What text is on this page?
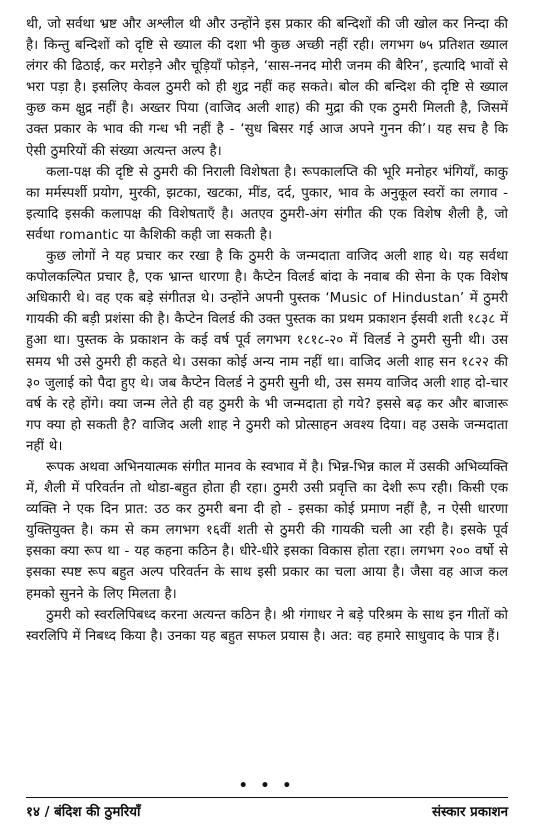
थी, जो सर्वथा भ्रष्ट और अश्लील थी और उन्होंने इस प्रकार की बन्दिशों की जी खोल कर निन्दा की है। किन्तु बन्दिशों को दृष्टि से ख्याल की दशा भी कुछ अच्छी नहीं रही। लगभग ७५ प्रतिशत ख्याल लंगर की ढिठाई, कर मरोड़ने और चूड़ियाँ फोड़ने, ‘सास-ननद मोरी जनम की बैरिन’, इत्यादि भावों से भरा पड़ा है। इसलिए केवल ठुमरी को ही शुद्र नहीं कह सकते। बोल की बन्दिश की दृष्टि से ख्याल कुछ कम क्षुद्र नहीं है। अख्तर पिया (वाजिद अली शाह) की मुद्रा की एक ठुमरी मिलती है, जिसमें उक्त प्रकार के भाव की गन्ध भी नहीं है - ‘सुध बिसर गई आज अपने गुनन की’। यह सच है कि ऐसी ठुमरियों की संख्या अत्यन्त अल्प है।

कला-पक्ष की दृष्टि से ठुमरी की निराली विशेषता है। रूपकालप्ति की भूरि मनोहर भंगियाँ, काकु का मर्मस्पर्शी प्रयोग, मुरकी, झटका, खटका, मींड, दर्द, पुकार, भाव के अनुकूल स्वरों का लगाव - इत्यादि इसकी कलापक्ष की विशेषताएँ है। अतएव ठुमरी-अंग संगीत की एक विशेष शैली है, जो सर्वथा romantic या कैशिकी कही जा सकती है।

कुछ लोगों ने यह प्रचार कर रखा है कि ठुमरी के जन्मदाता वाजिद अली शाह थे। यह सर्वथा कपोलकल्पित प्रचार है, एक भ्रान्त धारणा है। कैप्टेन विलर्ड बांदा के नवाब की सेना के एक विशेष अधिकारी थे। वह एक बड़े संगीतज्ञ थे। उन्होंने अपनी पुस्तक ‘Music of Hindustan’ में ठुमरी गायकी की बड़ी प्रशंसा की है। कैप्टेन विलर्ड की उक्त पुस्तक का प्रथम प्रकाशन ईसवी शती १८३८ में हुआ था। पुस्तक के प्रकाशन के कई वर्ष पूर्व लगभग १८१८-२० में विलर्ड ने ठुमरी सुनी थी। उस समय भी उसे ठुमरी ही कहते थे। उसका कोई अन्य नाम नहीं था। वाजिद अली शाह सन १८२२ की ३० जुलाई को पैदा हुए थे। जब कैप्टेन विलर्ड ने ठुमरी सुनी थी, उस समय वाजिद अली शाह दो-चार वर्ष के रहे होंगे। क्या जन्म लेते ही वह ठुमरी के भी जन्मदाता हो गये? इससे बढ़ कर और बाजारू गप क्या हो सकती है? वाजिद अली शाह ने ठुमरी को प्रोत्साहन अवश्य दिया। वह उसके जन्मदाता नहीं थे।

रूपक अथवा अभिनयात्मक संगीत मानव के स्वभाव में है। भिन्न-भिन्न काल में उसकी अभिव्यक्ति में, शैली में परिवर्तन तो थोडा-बहुत होता ही रहा। ठुमरी उसी प्रवृत्ति का देशी रूप रही। किसी एक व्यक्ति ने एक दिन प्रात: उठ कर ठुमरी बना दी हो - इसका कोई प्रमाण नहीं है, न ऐसी धारणा युक्तियुक्त है। कम से कम लगभग १६वीं शती से ठुमरी की गायकी चली आ रही है। इसके पूर्व इसका क्या रूप था - यह कहना कठिन है। धीरे-धीरे इसका विकास होता रहा। लगभग २०० वर्षो से इसका स्पष्ट रूप बहुत अल्प परिवर्तन के साथ इसी प्रकार का चला आया है। जैसा वह आज कल हमको सुनने के लिए मिलता है।

ठुमरी को स्वरलिपिबध्द करना अत्यन्त कठिन है। श्री गंगाधर ने बड़े परिश्रम के साथ इन गीतों को स्वरलिपि में निबध्द किया है। उनका यह बहुत सफल प्रयास है। अत: वह हमारे साधुवाद के पात्र हैं।

• • •
१४ / बंदिश की ठुमरियाँ	संस्कार प्रकाशन
